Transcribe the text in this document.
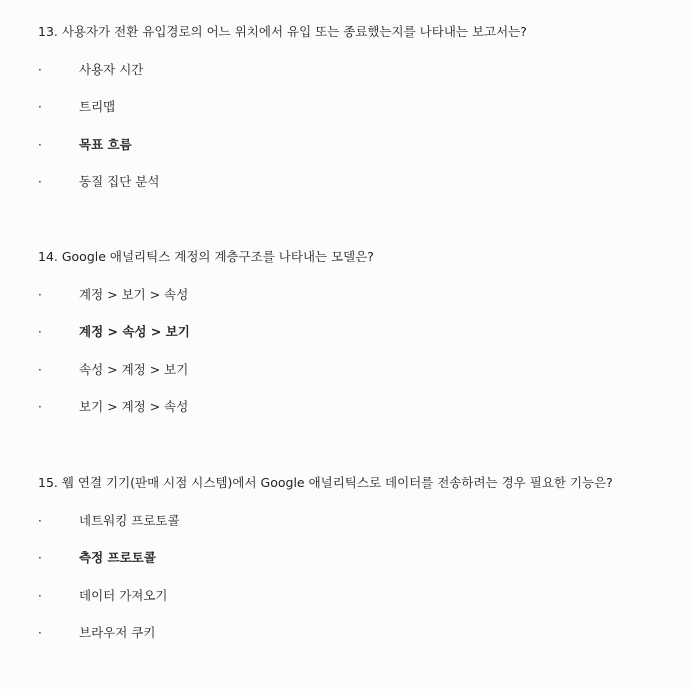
13. 사용자가 전환 유입경로의 어느 위치에서 유입 또는 종료했는지를 나타내는 보고서는?

·	사용자 시간
·	트리맵
·	목표 흐름
·	동질 집단 분석

14. Google 애널리틱스 계정의 계층구조를 나타내는 모델은?

·	계정 > 보기 > 속성
·	계정 > 속성 > 보기
·	속성 > 계정 > 보기
·	보기 > 계정 > 속성

15. 웹 연결 기기(판매 시점 시스템)에서 Google 애널리틱스로 데이터를 전송하려는 경우 필요한 기능은?

·	네트워킹 프로토콜
·	측정 프로토콜
·	데이터 가져오기
·	브라우저 쿠키
